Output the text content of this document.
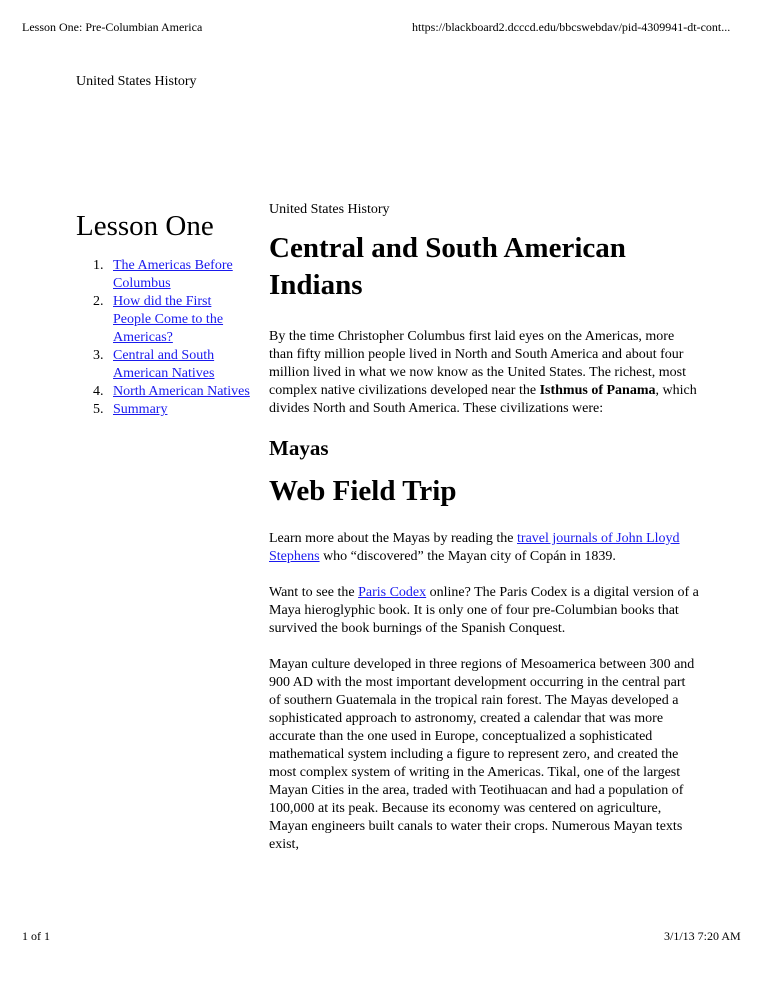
Lesson One: Pre-Columbian America	https://blackboard2.dcccd.edu/bbcswebdav/pid-4309941-dt-cont...
United States History
Lesson One
1. The Americas Before Columbus
2. How did the First People Come to the Americas?
3. Central and South American Natives
4. North American Natives
5. Summary
United States History
Central and South American Indians

By the time Christopher Columbus first laid eyes on the Americas, more than fifty million people lived in North and South America and about four million lived in what we now know as the United States. The richest, most complex native civilizations developed near the Isthmus of Panama, which divides North and South America. These civilizations were:

Mayas
Web Field Trip

Learn more about the Mayas by reading the travel journals of John Lloyd Stephens who “discovered” the Mayan city of Copán in 1839.

Want to see the Paris Codex online? The Paris Codex is a digital version of a Maya hieroglyphic book. It is only one of four pre-Columbian books that survived the book burnings of the Spanish Conquest.

Mayan culture developed in three regions of Mesoamerica between 300 and 900 AD with the most important development occurring in the central part of southern Guatemala in the tropical rain forest. The Mayas developed a sophisticated approach to astronomy, created a calendar that was more accurate than the one used in Europe, conceptualized a sophisticated mathematical system including a figure to represent zero, and created the most complex system of writing in the Americas. Tikal, one of the largest Mayan Cities in the area, traded with Teotihuacan and had a population of 100,000 at its peak. Because its economy was centered on agriculture, Mayan engineers built canals to water their crops. Numerous Mayan texts exist,

1 of 1	3/1/13 7:20 AM
